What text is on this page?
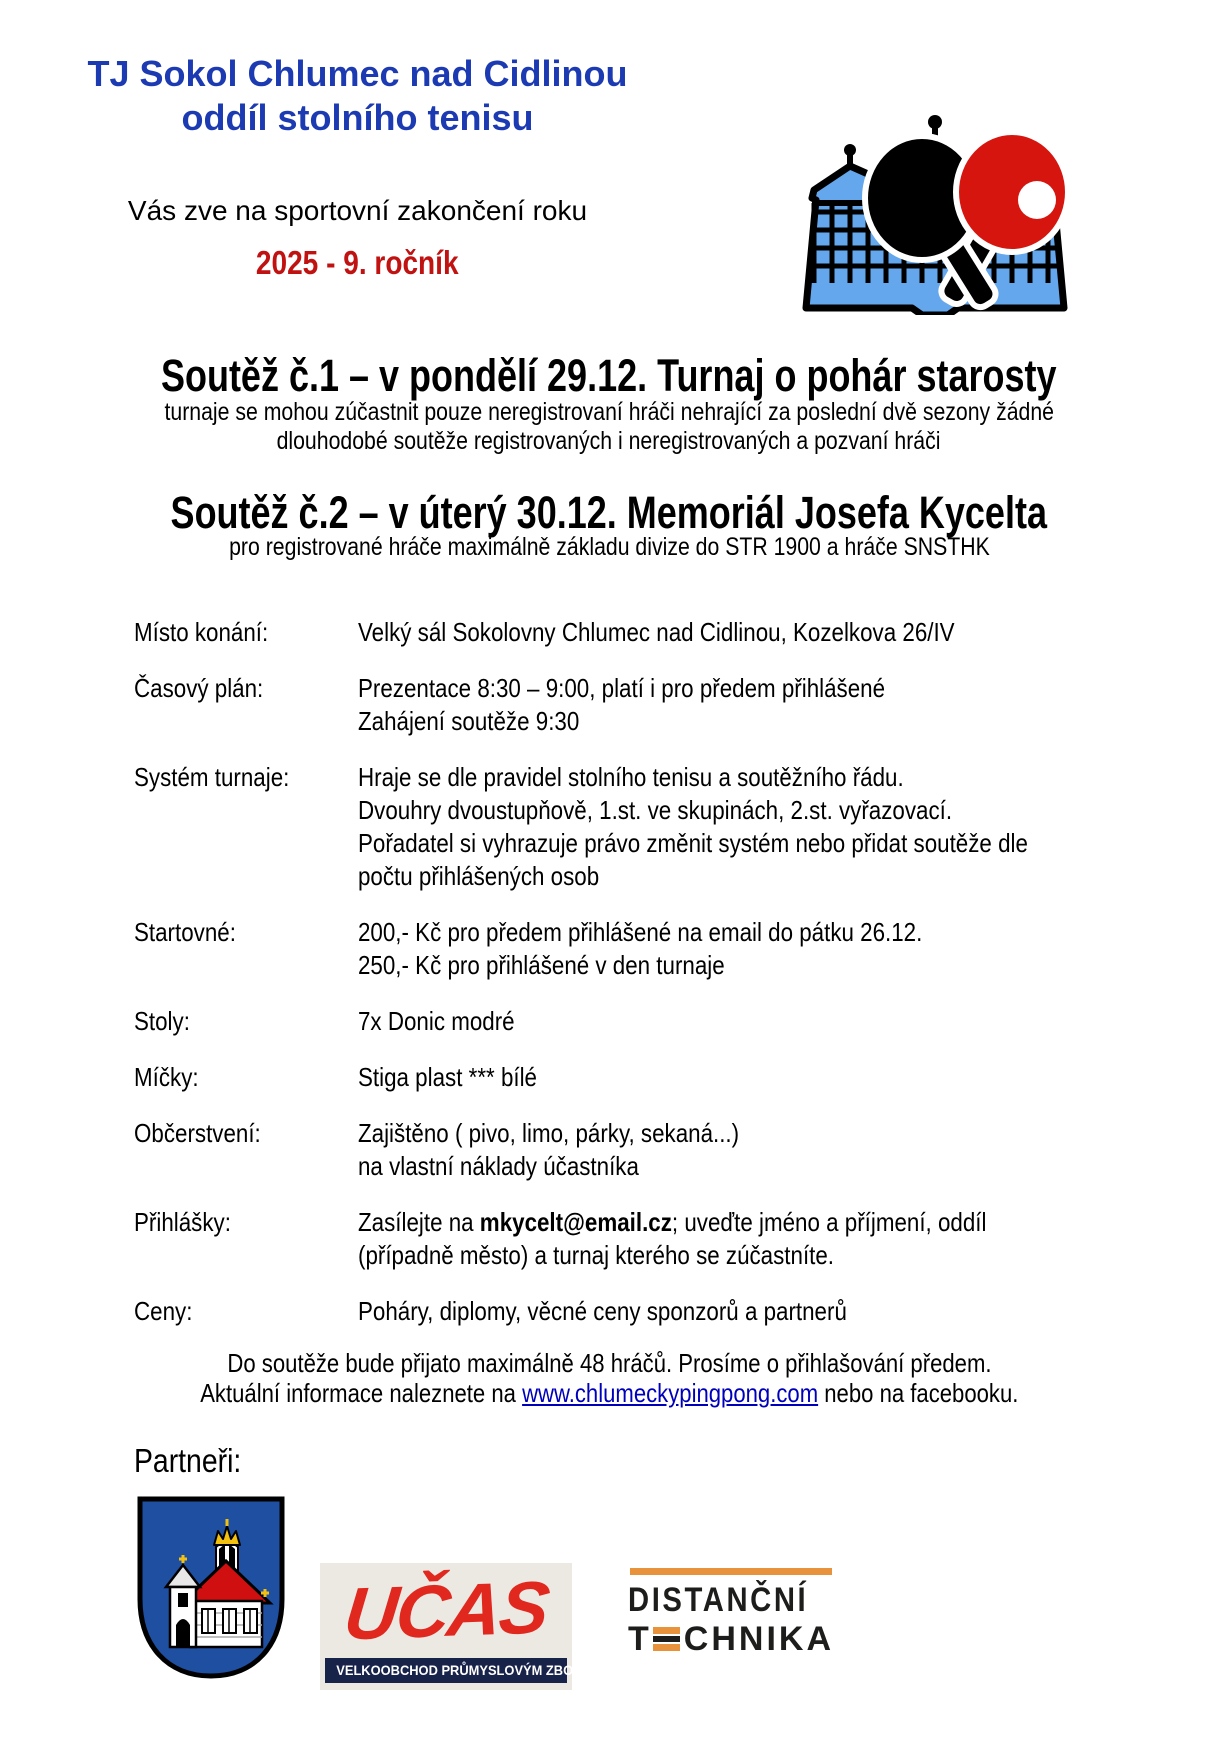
TJ Sokol Chlumec nad Cidlinou
oddíl stolního tenisu
Vás zve na sportovní zakončení roku
2025 - 9. ročník
Soutěž č.1 – v pondělí 29.12. Turnaj o pohár starosty
turnaje se mohou zúčastnit pouze neregistrovaní hráči nehrající za poslední dvě sezony žádné
dlouhodobé soutěže registrovaných i neregistrovaných a pozvaní hráči
Soutěž č.2 – v úterý 30.12. Memoriál Josefa Kycelta
pro registrované hráče maximálně základu divize do STR 1900 a hráče SNSTHK
Místo konání:	Velký sál Sokolovny Chlumec nad Cidlinou, Kozelkova 26/IV
Časový plán:	Prezentace 8:30 – 9:00, platí i pro předem přihlášené
Zahájení soutěže 9:30
Systém turnaje:	Hraje se dle pravidel stolního tenisu a soutěžního řádu.
Dvouhry dvoustupňově, 1.st. ve skupinách, 2.st. vyřazovací.
Pořadatel si vyhrazuje právo změnit systém nebo přidat soutěže dle
počtu přihlášených osob
Startovné:	200,- Kč pro předem přihlášené na email do pátku 26.12.
250,- Kč pro přihlášené v den turnaje
Stoly:	7x Donic modré
Míčky:	Stiga plast *** bílé
Občerstvení:	Zajištěno ( pivo, limo, párky, sekaná...)
na vlastní náklady účastníka
Přihlášky:	Zasílejte na mkycelt@email.cz; uveďte jméno a příjmení, oddíl
(případně město) a turnaj kterého se zúčastníte.
Ceny:	Poháry, diplomy, věcné ceny sponzorů a partnerů
Do soutěže bude přijato maximálně 48 hráčů. Prosíme o přihlašování předem.
Aktuální informace naleznete na www.chlumeckypingpong.com nebo na facebooku.
Partneři:
UČAS
VELKOOBCHOD PRŮMYSLOVÝM ZBOŽÍM
DISTANČNÍ
T CHNIKA
